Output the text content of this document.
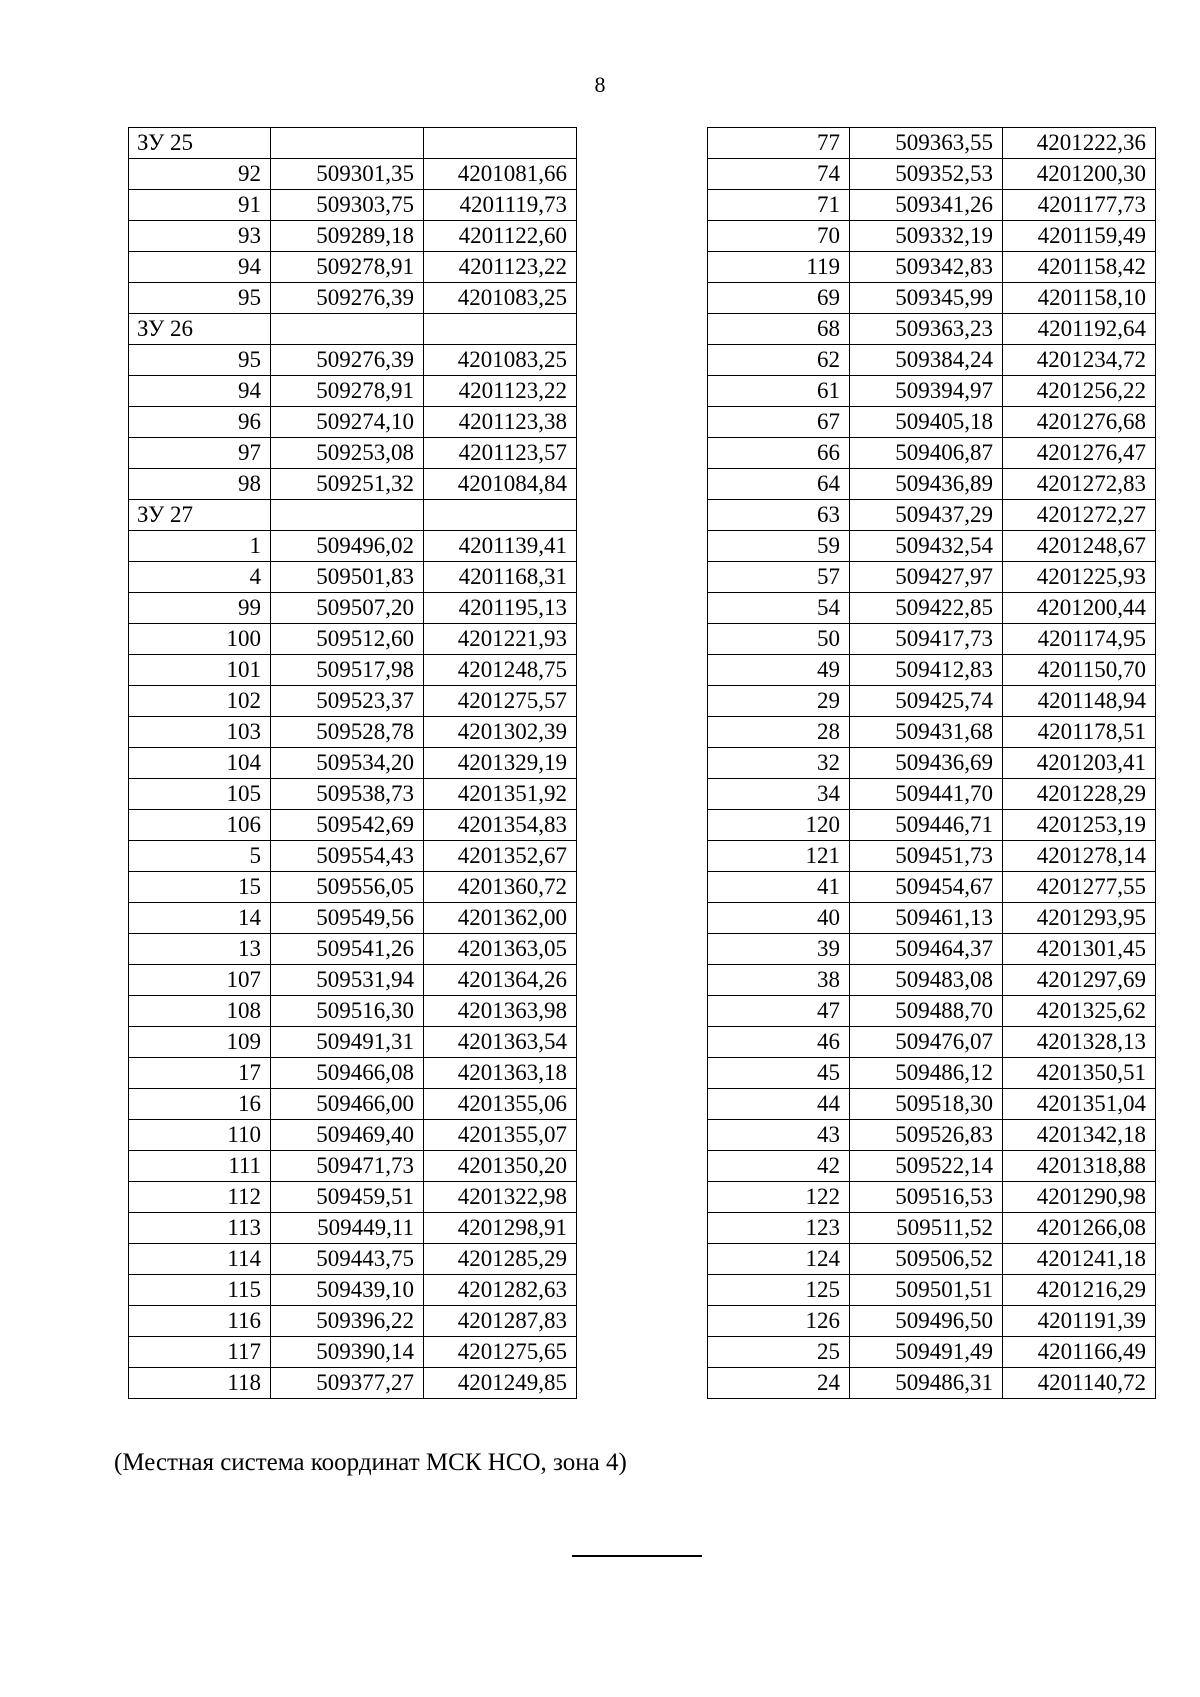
8
ЗУ 25		
92	509301,35	4201081,66
91	509303,75	4201119,73
93	509289,18	4201122,60
94	509278,91	4201123,22
95	509276,39	4201083,25
ЗУ 26		
95	509276,39	4201083,25
94	509278,91	4201123,22
96	509274,10	4201123,38
97	509253,08	4201123,57
98	509251,32	4201084,84
ЗУ 27		
1	509496,02	4201139,41
4	509501,83	4201168,31
99	509507,20	4201195,13
100	509512,60	4201221,93
101	509517,98	4201248,75
102	509523,37	4201275,57
103	509528,78	4201302,39
104	509534,20	4201329,19
105	509538,73	4201351,92
106	509542,69	4201354,83
5	509554,43	4201352,67
15	509556,05	4201360,72
14	509549,56	4201362,00
13	509541,26	4201363,05
107	509531,94	4201364,26
108	509516,30	4201363,98
109	509491,31	4201363,54
17	509466,08	4201363,18
16	509466,00	4201355,06
110	509469,40	4201355,07
111	509471,73	4201350,20
112	509459,51	4201322,98
113	509449,11	4201298,91
114	509443,75	4201285,29
115	509439,10	4201282,63
116	509396,22	4201287,83
117	509390,14	4201275,65
118	509377,27	4201249,85
77	509363,55	4201222,36
74	509352,53	4201200,30
71	509341,26	4201177,73
70	509332,19	4201159,49
119	509342,83	4201158,42
69	509345,99	4201158,10
68	509363,23	4201192,64
62	509384,24	4201234,72
61	509394,97	4201256,22
67	509405,18	4201276,68
66	509406,87	4201276,47
64	509436,89	4201272,83
63	509437,29	4201272,27
59	509432,54	4201248,67
57	509427,97	4201225,93
54	509422,85	4201200,44
50	509417,73	4201174,95
49	509412,83	4201150,70
29	509425,74	4201148,94
28	509431,68	4201178,51
32	509436,69	4201203,41
34	509441,70	4201228,29
120	509446,71	4201253,19
121	509451,73	4201278,14
41	509454,67	4201277,55
40	509461,13	4201293,95
39	509464,37	4201301,45
38	509483,08	4201297,69
47	509488,70	4201325,62
46	509476,07	4201328,13
45	509486,12	4201350,51
44	509518,30	4201351,04
43	509526,83	4201342,18
42	509522,14	4201318,88
122	509516,53	4201290,98
123	509511,52	4201266,08
124	509506,52	4201241,18
125	509501,51	4201216,29
126	509496,50	4201191,39
25	509491,49	4201166,49
24	509486,31	4201140,72
(Местная система координат МСК НСО, зона 4)
